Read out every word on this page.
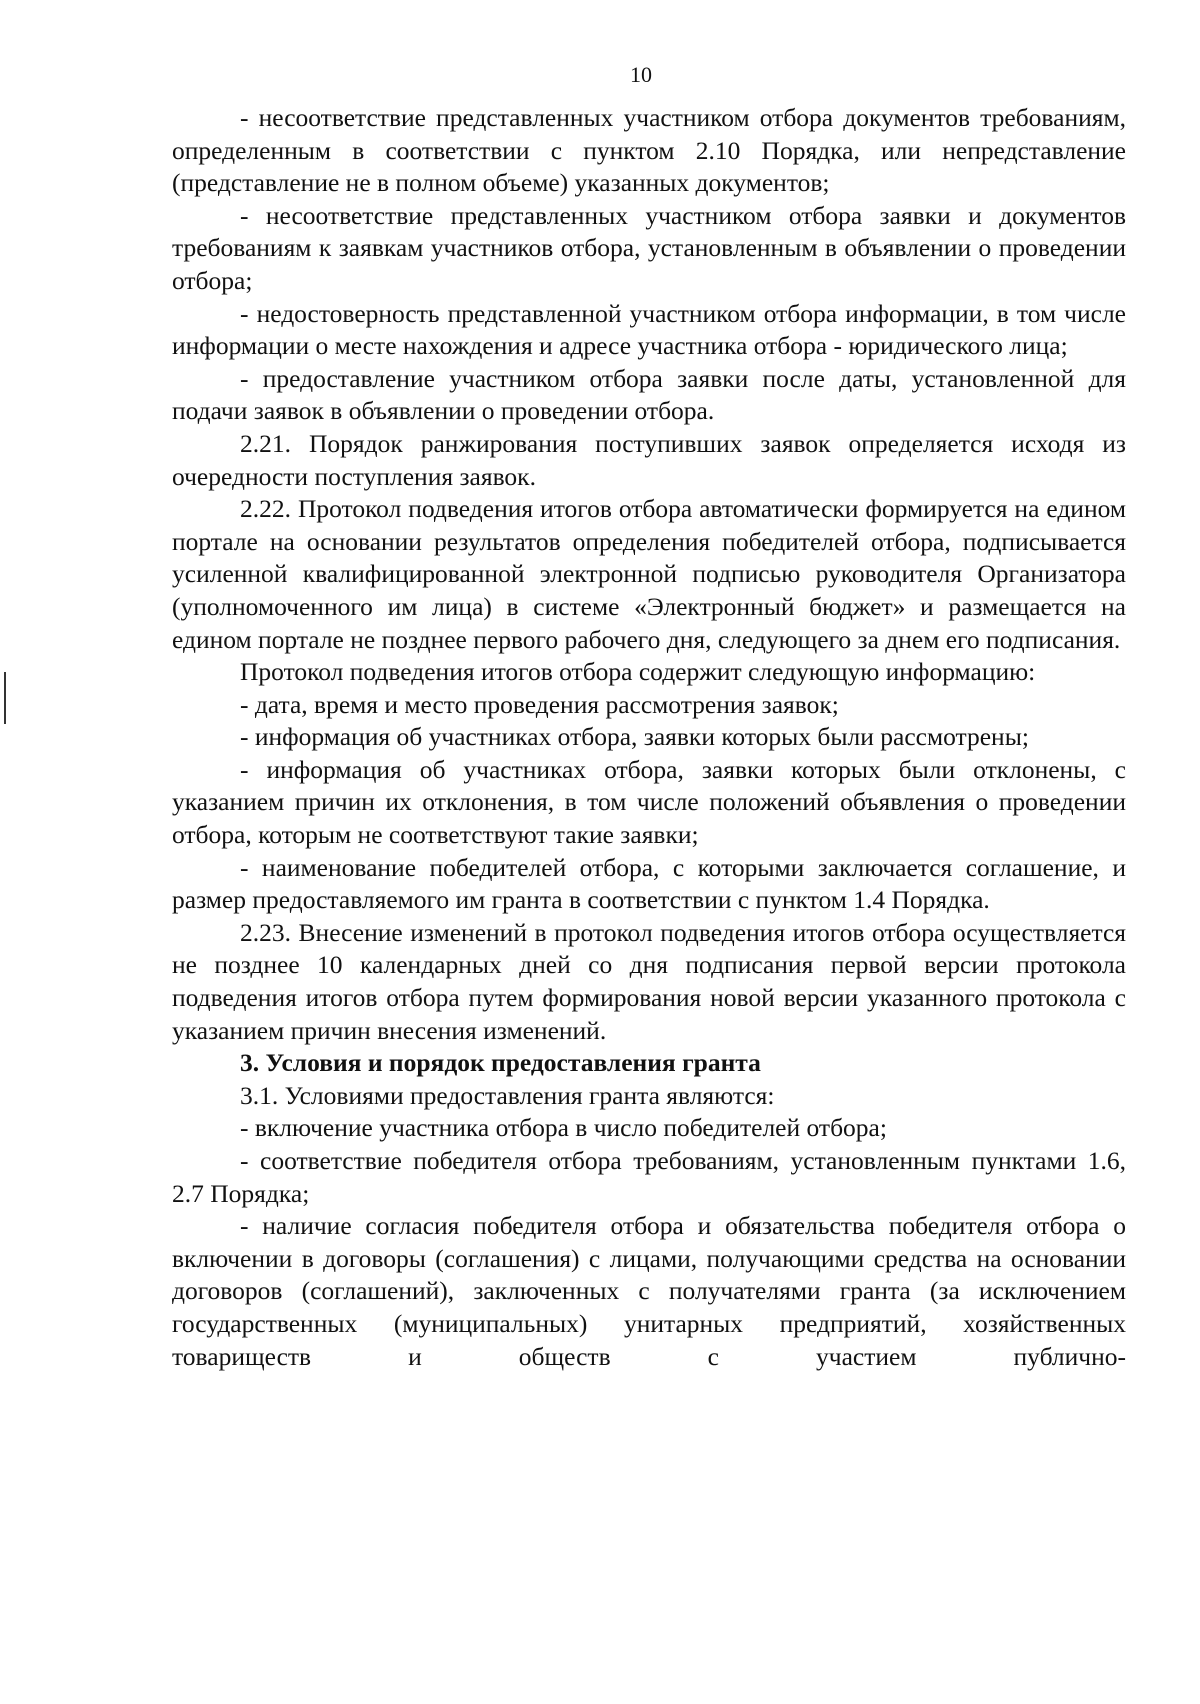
10

- несоответствие представленных участником отбора документов требованиям, определенным в соответствии с пунктом 2.10 Порядка, или непредставление (представление не в полном объеме) указанных документов;

- несоответствие представленных участником отбора заявки и документов требованиям к заявкам участников отбора, установленным в объявлении о проведении отбора;

- недостоверность представленной участником отбора информации, в том числе информации о месте нахождения и адресе участника отбора - юридического лица;

- предоставление участником отбора заявки после даты, установленной для подачи заявок в объявлении о проведении отбора.

2.21. Порядок ранжирования поступивших заявок определяется исходя из очередности поступления заявок.

2.22. Протокол подведения итогов отбора автоматически формируется на едином портале на основании результатов определения победителей отбора, подписывается усиленной квалифицированной электронной подписью руководителя Организатора (уполномоченного им лица) в системе «Электронный бюджет» и размещается на едином портале не позднее первого рабочего дня, следующего за днем его подписания.

Протокол подведения итогов отбора содержит следующую информацию:

- дата, время и место проведения рассмотрения заявок;

- информация об участниках отбора, заявки которых были рассмотрены;

- информация об участниках отбора, заявки которых были отклонены, с указанием причин их отклонения, в том числе положений объявления о проведении отбора, которым не соответствуют такие заявки;

- наименование победителей отбора, с которыми заключается соглашение, и размер предоставляемого им гранта в соответствии с пунктом 1.4 Порядка.

2.23. Внесение изменений в протокол подведения итогов отбора осуществляется не позднее 10 календарных дней со дня подписания первой версии протокола подведения итогов отбора путем формирования новой версии указанного протокола с указанием причин внесения изменений.

3. Условия и порядок предоставления гранта

3.1. Условиями предоставления гранта являются:

- включение участника отбора в число победителей отбора;

- соответствие победителя отбора требованиям, установленным пунктами 1.6, 2.7 Порядка;

- наличие согласия победителя отбора и обязательства победителя отбора о включении в договоры (соглашения) с лицами, получающими средства на основании договоров (соглашений), заключенных с получателями гранта (за исключением государственных (муниципальных) унитарных предприятий, хозяйственных товариществ и обществ с участием публично-
